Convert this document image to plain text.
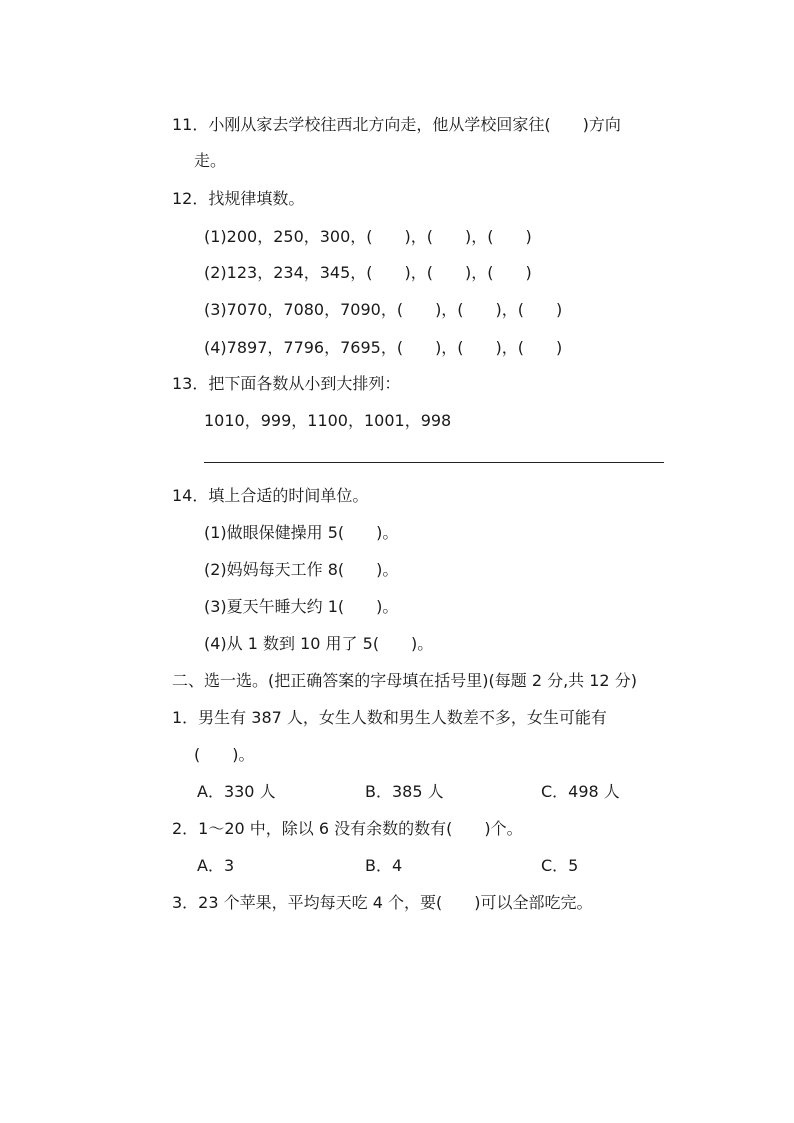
11．小刚从家去学校往西北方向走，他从学校回家往(　　)方向
走。
12．找规律填数。
(1)200，250，300，(　　)，(　　)，(　　)
(2)123，234，345，(　　)，(　　)，(　　)
(3)7070，7080，7090，(　　)，(　　)，(　　)
(4)7897，7796，7695，(　　)，(　　)，(　　)
13．把下面各数从小到大排列：
1010，999，1100，1001，998
14．填上合适的时间单位。
(1)做眼保健操用 5(　　)。
(2)妈妈每天工作 8(　　)。
(3)夏天午睡大约 1(　　)。
(4)从 1 数到 10 用了 5(　　)。
二、选一选。(把正确答案的字母填在括号里)(每题 2 分,共 12 分)
1．男生有 387 人，女生人数和男生人数差不多，女生可能有
(　　)。
A．330 人	B．385 人	C．498 人
2．1～20 中，除以 6 没有余数的数有(　　)个。
A．3	B．4	C．5
3．23 个苹果，平均每天吃 4 个，要(　　)可以全部吃完。
